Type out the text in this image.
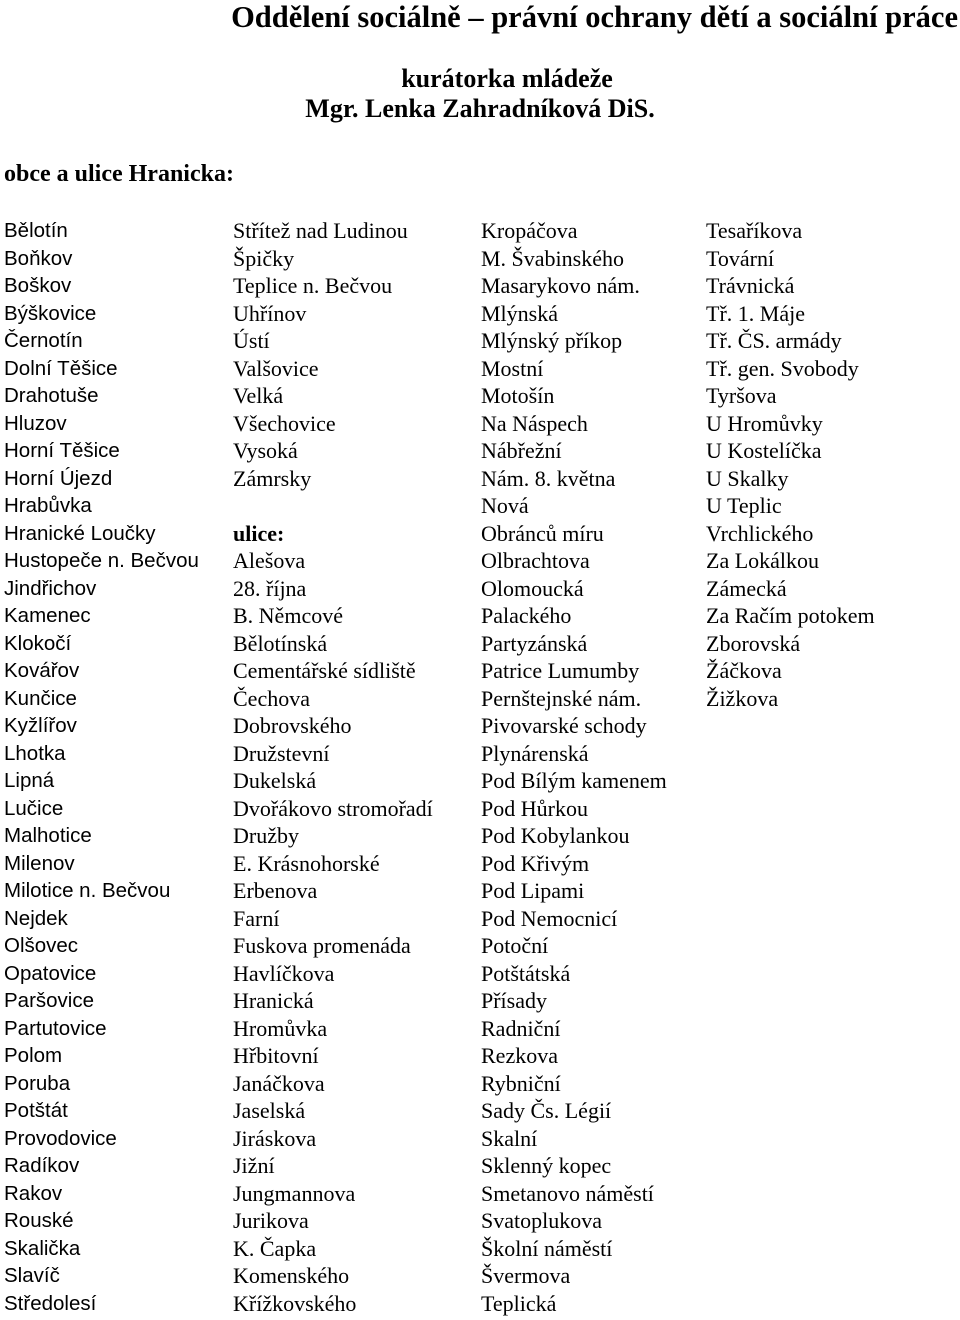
Oddělení sociálně – právní ochrany dětí a sociální práce
kurátorka mládeže
Mgr. Lenka Zahradníková DiS.
obce a ulice Hranicka:
Bělotín
Boňkov
Boškov
Býškovice
Černotín
Dolní Těšice
Drahotuše
Hluzov
Horní Těšice
Horní Újezd
Hrabůvka
Hranické Loučky
Hustopeče n. Bečvou
Jindřichov
Kamenec
Klokočí
Kovářov
Kunčice
Kyžlířov
Lhotka
Lipná
Lučice
Malhotice
Milenov
Milotice n. Bečvou
Nejdek
Olšovec
Opatovice
Paršovice
Partutovice
Polom
Poruba
Potštát
Provodovice
Radíkov
Rakov
Rouské
Skalička
Slavíč
Středolesí
Střítež nad Ludinou
Špičky
Teplice n. Bečvou
Uhřínov
Ústí
Valšovice
Velká
Všechovice
Vysoká
Zámrsky
ulice:
Alešova
28. října
B. Němcové
Bělotínská
Cementářské sídliště
Čechova
Dobrovského
Družstevní
Dukelská
Dvořákovo stromořadí
Družby
E. Krásnohorské
Erbenova
Farní
Fuskova promenáda
Havlíčkova
Hranická
Hromůvka
Hřbitovní
Janáčkova
Jaselská
Jiráskova
Jižní
Jungmannova
Jurikova
K. Čapka
Komenského
Křížkovského
Kropáčova
M. Švabinského
Masarykovo nám.
Mlýnská
Mlýnský příkop
Mostní
Motošín
Na Náspech
Nábřežní
Nám. 8. května
Nová
Obránců míru
Olbrachtova
Olomoucká
Palackého
Partyzánská
Patrice Lumumby
Pernštejnské nám.
Pivovarské schody
Plynárenská
Pod Bílým kamenem
Pod Hůrkou
Pod Kobylankou
Pod Křivým
Pod Lipami
Pod Nemocnicí
Potoční
Potštátská
Přísady
Radniční
Rezkova
Rybniční
Sady Čs. Légií
Skalní
Sklenný kopec
Smetanovo náměstí
Svatoplukova
Školní náměstí
Švermova
Teplická
Tesaříkova
Tovární
Trávnická
Tř. 1. Máje
Tř. ČS. armády
Tř. gen. Svobody
Tyršova
U Hromůvky
U Kostelíčka
U Skalky
U Teplic
Vrchlického
Za Lokálkou
Zámecká
Za Račím potokem
Zborovská
Žáčkova
Žižkova
